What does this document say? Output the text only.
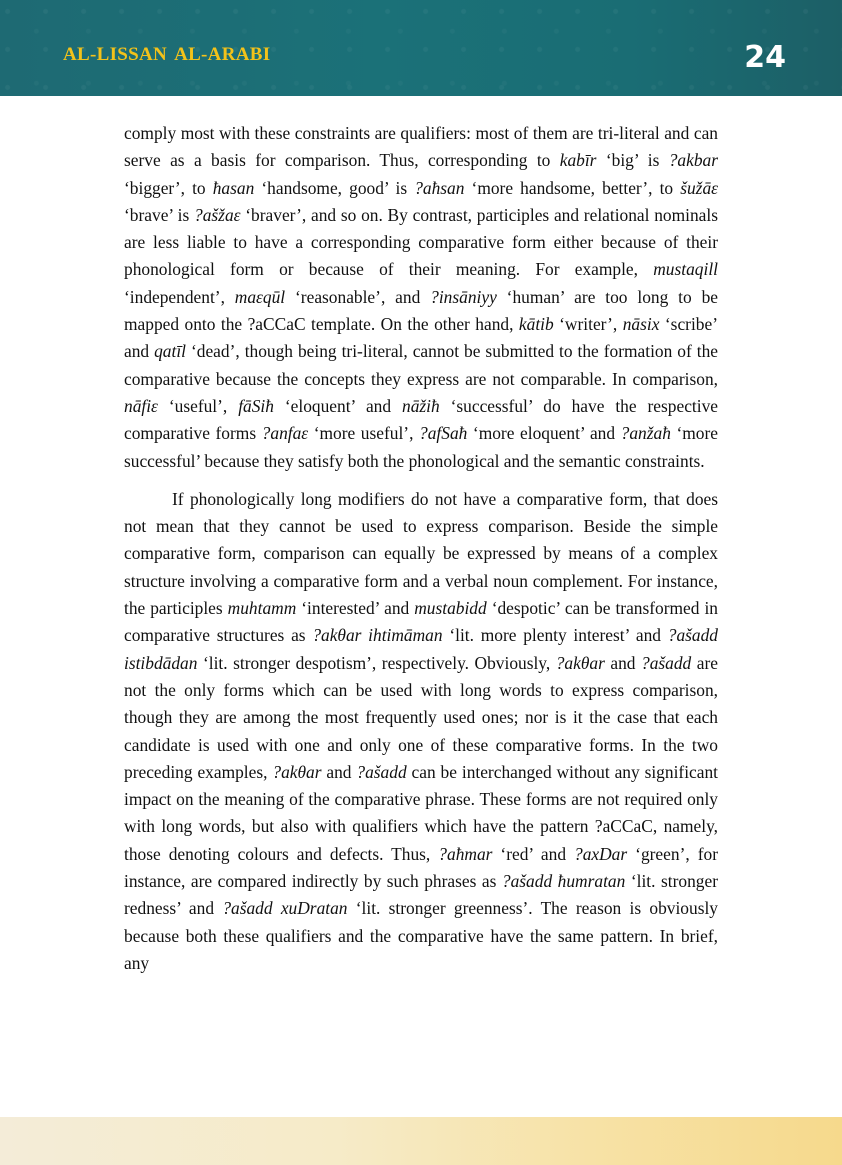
AL-LISSAN AL-ARABI	24

comply most with these constraints are qualifiers: most of them are tri-literal and can serve as a basis for comparison. Thus, corresponding to kabīr ‘big’ is ?akbar ‘bigger’, to ħasan ‘handsome, good’ is ?aħsan ‘more handsome, better’, to šužāε ‘brave’ is ?ašžaε ‘braver’, and so on. By contrast, participles and relational nominals are less liable to have a corresponding comparative form either because of their phonological form or because of their meaning. For example, mustaqill ‘independent’, maεqūl ‘reasonable’, and ?insāniyy ‘human’ are too long to be mapped onto the ?aCCaC template. On the other hand, kātib ‘writer’, nāsix ‘scribe’ and qatīl ‘dead’, though being tri-literal, cannot be submitted to the formation of the comparative because the concepts they express are not comparable. In comparison, nāfiε ‘useful’, fāSiħ ‘eloquent’ and nāžiħ ‘successful’ do have the respective comparative forms ?anfaε ‘more useful’, ?afSaħ ‘more eloquent’ and ?anžaħ ‘more successful’ because they satisfy both the phonological and the semantic constraints.

If phonologically long modifiers do not have a comparative form, that does not mean that they cannot be used to express comparison. Beside the simple comparative form, comparison can equally be expressed by means of a complex structure involving a comparative form and a verbal noun complement. For instance, the participles muhtamm ‘interested’ and mustabidd ‘despotic’ can be transformed in comparative structures as ?akθar ihtimāman ‘lit. more plenty interest’ and ?ašadd istibdādan ‘lit. stronger despotism’, respectively. Obviously, ?akθar and ?ašadd are not the only forms which can be used with long words to express comparison, though they are among the most frequently used ones; nor is it the case that each candidate is used with one and only one of these comparative forms. In the two preceding examples, ?akθar and ?ašadd can be interchanged without any significant impact on the meaning of the comparative phrase. These forms are not required only with long words, but also with qualifiers which have the pattern ?aCCaC, namely, those denoting colours and defects. Thus, ?aħmar ‘red’ and ?axDar ‘green’, for instance, are compared indirectly by such phrases as ?ašadd ħumratan ‘lit. stronger redness’ and ?ašadd xuDratan ‘lit. stronger greenness’. The reason is obviously because both these qualifiers and the comparative have the same pattern. In brief, any
